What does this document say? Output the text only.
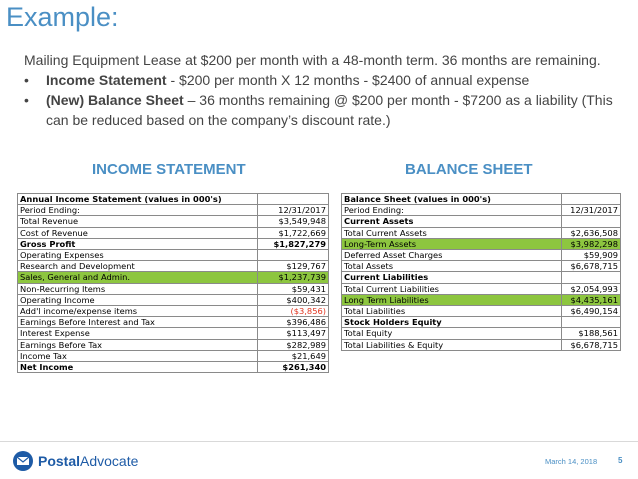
Example:
Mailing Equipment Lease at $200 per month with a 48-month term. 36 months are remaining.
•	Income Statement - $200 per month X 12 months - $2400 of annual expense
•	(New) Balance Sheet – 36 months remaining @ $200 per month - $7200 as a liability (This can be reduced based on the company’s discount rate.)
INCOME STATEMENT	BALANCE SHEET
Annual Income Statement (values in 000's)	
Period Ending:	12/31/2017
Total Revenue	$3,549,948
Cost of Revenue	$1,722,669
Gross Profit	$1,827,279
Operating Expenses	
Research and Development	$129,767
Sales, General and Admin.	$1,237,739
Non-Recurring Items	$59,431
Operating Income	$400,342
Add'l income/expense items	($3,856)
Earnings Before Interest and Tax	$396,486
Interest Expense	$113,497
Earnings Before Tax	$282,989
Income Tax	$21,649
Net Income	$261,340
Balance Sheet (values in 000's)	
Period Ending:	12/31/2017
Current Assets	
Total Current Assets	$2,636,508
Long-Term Assets	$3,982,298
Deferred Asset Charges	$59,909
Total Assets	$6,678,715
Current Liabilities	
Total Current Liabilities	$2,054,993
Long Term Liabilities	$4,435,161
Total Liabilities	$6,490,154
Stock Holders Equity	
Total Equity	$188,561
Total Liabilities & Equity	$6,678,715
PostalAdvocate	March 14, 2018	5
